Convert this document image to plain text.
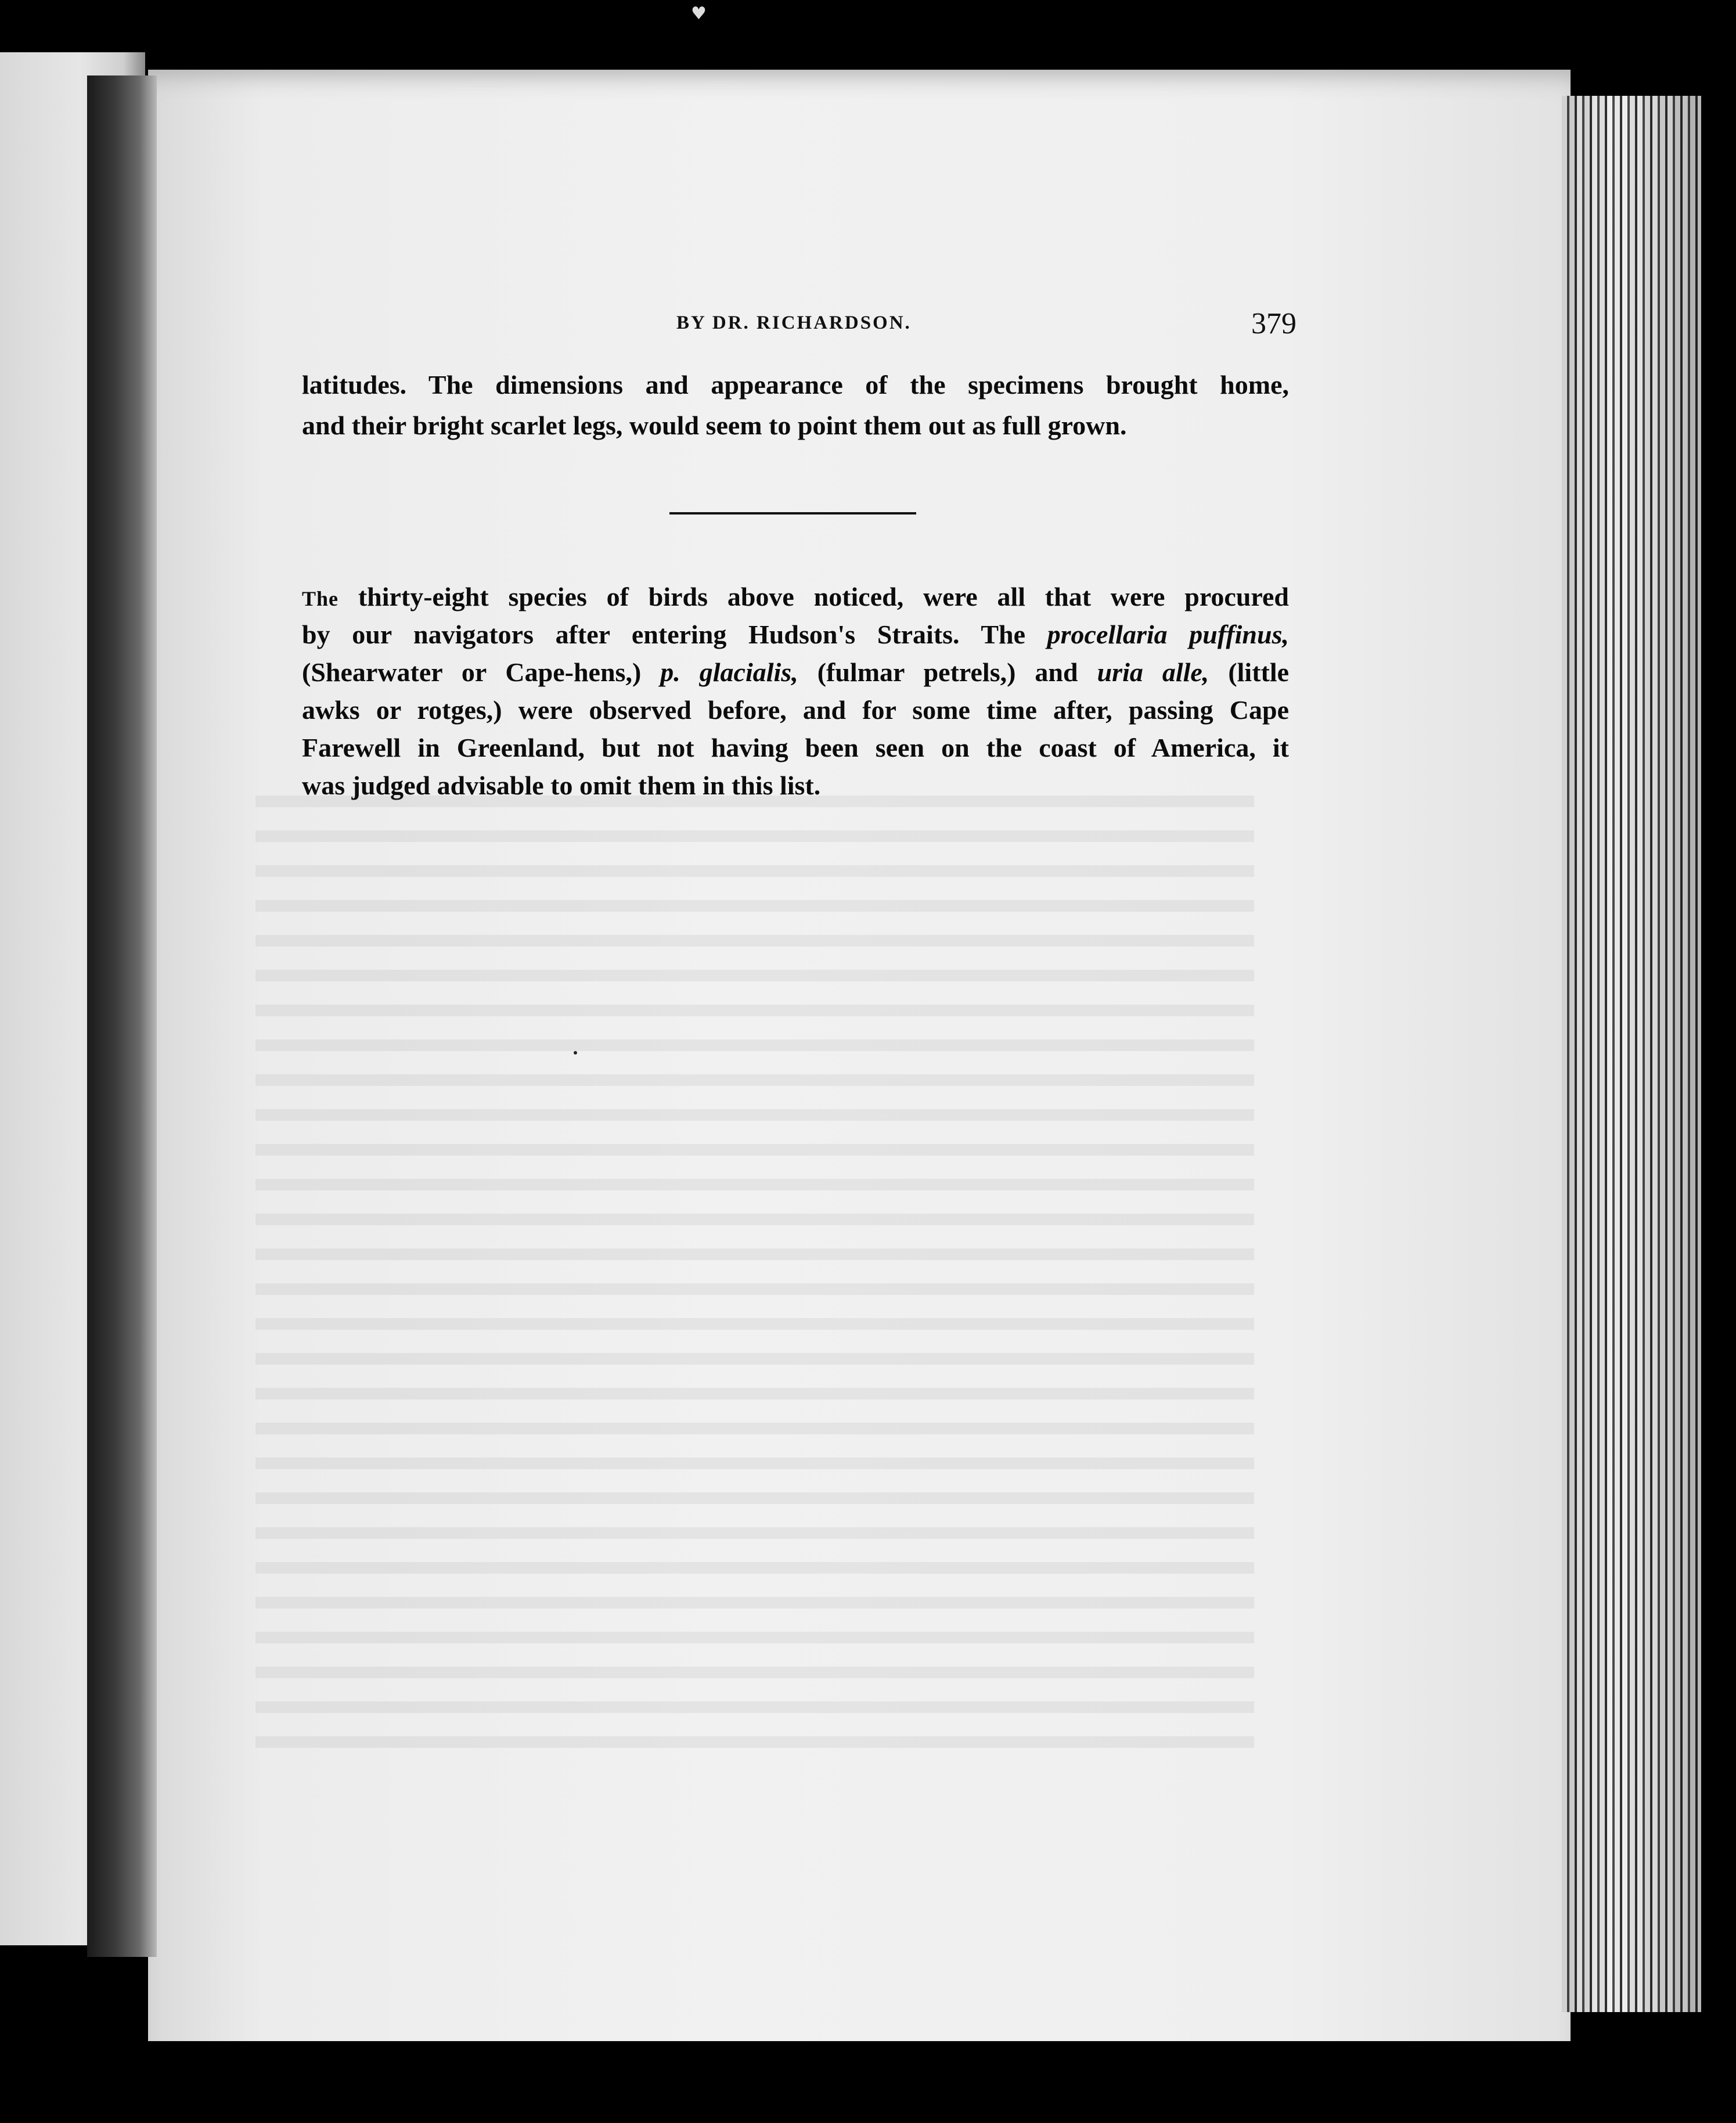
♥
BY DR. RICHARDSON.	379
latitudes. The dimensions and appearance of the specimens brought home,
and their bright scarlet legs, would seem to point them out as full grown.
The thirty-eight species of birds above noticed, were all that were procured
by our navigators after entering Hudson's Straits. The procellaria puffinus,
(Shearwater or Cape-hens,) p. glacialis, (fulmar petrels,) and uria alle, (little
awks or rotges,) were observed before, and for some time after, passing Cape
Farewell in Greenland, but not having been seen on the coast of America, it
was judged advisable to omit them in this list.
